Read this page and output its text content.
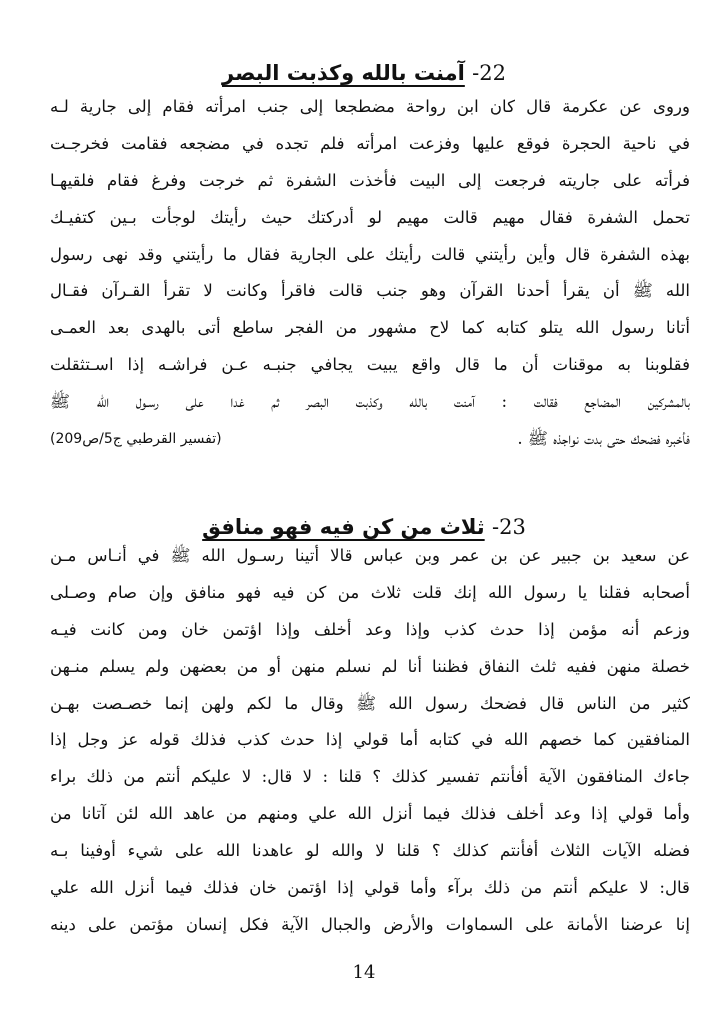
22- آمنت بالله وكذبت البصر
وروى عن عكرمة قال كان ابن رواحة مضطجعا إلى جنب امرأته فقام إلى جارية لـه
في ناحية الحجرة فوقع عليها وفزعت امرأته فلم تجده في مضجعه فقامت فخرجـت
فرأته على جاريته فرجعت إلى البيت فأخذت الشفرة ثم خرجت وفرغ فقام فلقيهـا
تحمل الشفرة فقال مهيم قالت مهيم لو أدركتك حيث رأيتك لوجأت بـين كتفيـك
بهذه الشفرة قال وأين رأيتني قالت رأيتك على الجارية فقال ما رأيتني وقد نهى رسول
الله ﷺ أن يقرأ أحدنا القرآن وهو جنب قالت فاقرأ وكانت لا تقرأ القـرآن فقـال
أتانا رسول الله يتلو كتابه كما لاح مشهور من الفجر ساطع أتى بالهدى بعد العمـى
فقلوبنا به موقنات أن ما قال واقع يبيت يجافي جنبـه عـن فراشـه إذا اسـتثقلت
بالمشركين المضاجع فقالت : آمنت بالله وكذبت البصر ثم غدا على رسـول الله ﷺ
فأخبره فضحك حتى بدت نواجذه ﷺ .
(تفسير القرطبي ج5/ص209)
23- ثلاث من كن فيه فهو منافق
عن سعيد بن جبير عن بن عمر وبن عباس قالا أتينا رسـول الله ﷺ في أنـاس مـن
أصحابه فقلنا يا رسول الله إنك قلت ثلاث من كن فيه فهو منافق وإن صام وصـلى
وزعم أنه مؤمن إذا حدث كذب وإذا وعد أخلف وإذا اؤتمن خان ومن كانت فيـه
خصلة منهن ففيه ثلث النفاق فظننا أنا لم نسلم منهن أو من بعضهن ولم يسلم منـهن
كثير من الناس قال فضحك رسول الله ﷺ وقال ما لكم ولهن إنما خصـصت بهـن
المنافقين كما خصهم الله في كتابه أما قولي إذا حدث كذب فذلك قوله عز وجل إذا
جاءك المنافقون الآية أفأنتم تفسير كذلك ؟ قلنا : لا قال: لا عليكم أنتم من ذلك براء
وأما قولي إذا وعد أخلف فذلك فيما أنزل الله علي ومنهم من عاهد الله لئن آتانا من
فضله الآيات الثلاث أفأنتم كذلك ؟ قلنا لا والله لو عاهدنا الله على شيء أوفينا بـه
قال: لا عليكم أنتم من ذلك برآء وأما قولي إذا اؤتمن خان فذلك فيما أنزل الله علي
إنا عرضنا الأمانة على السماوات والأرض والجبال الآية فكل إنسان مؤتمن على دينه
14
